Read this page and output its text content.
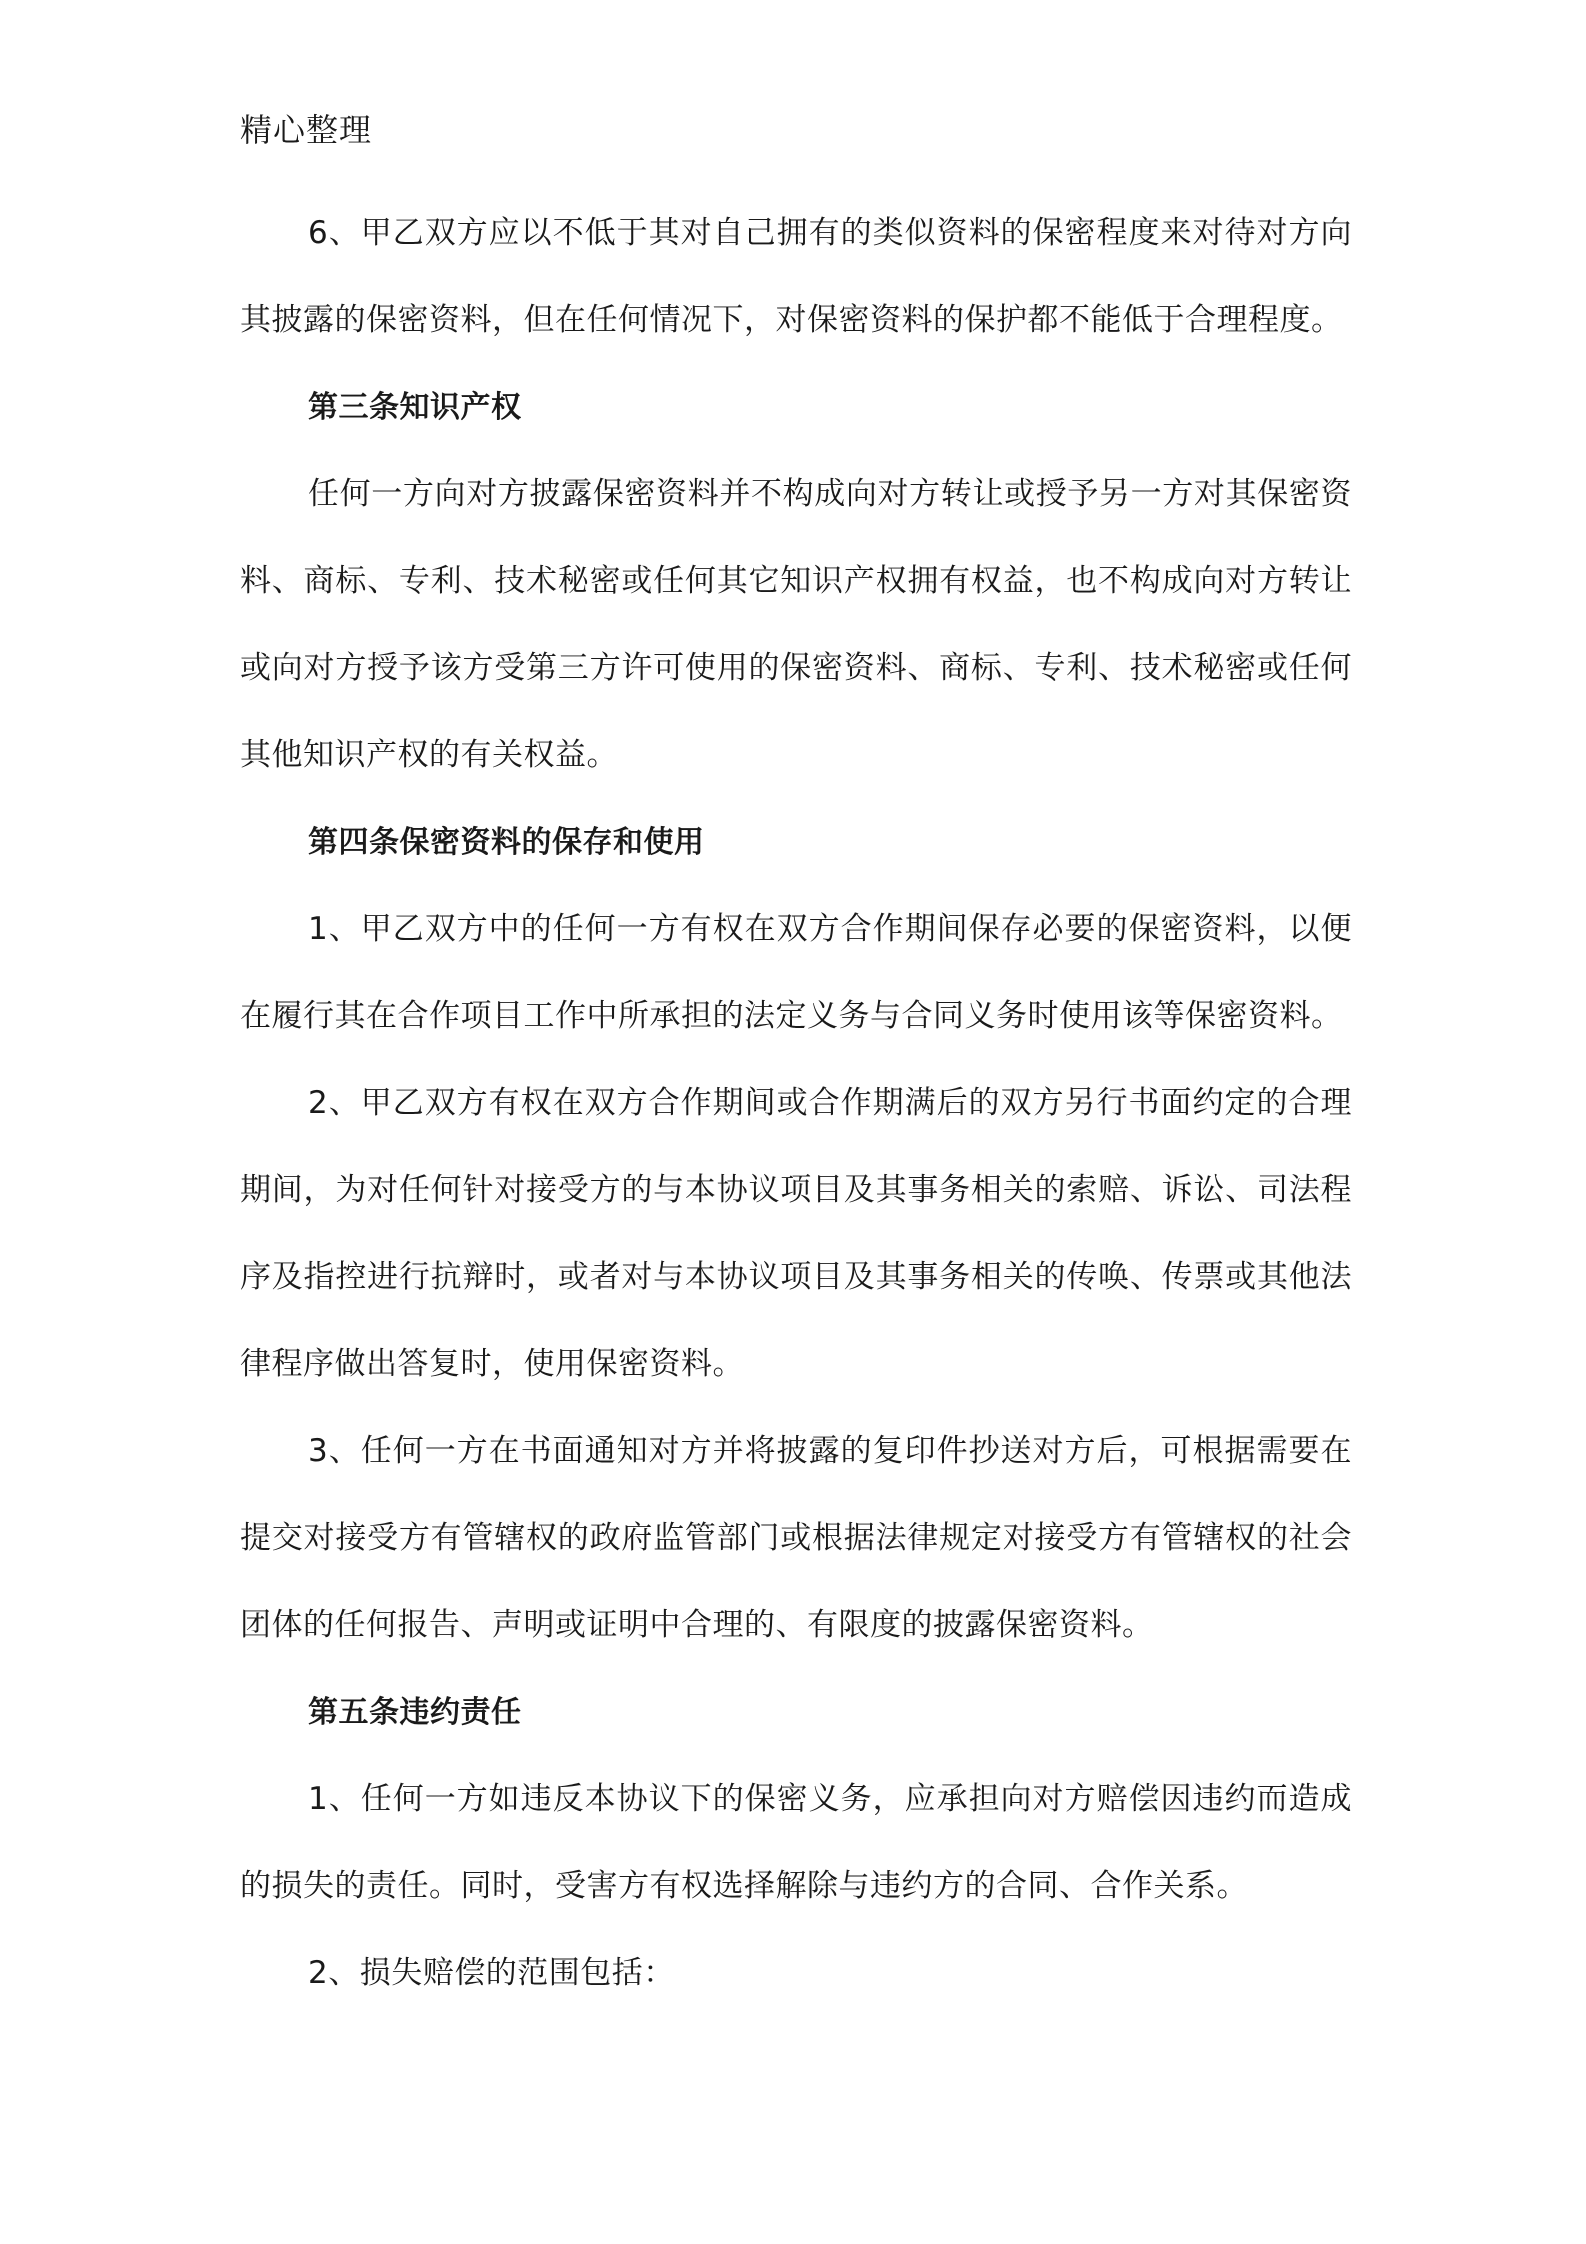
精心整理

6、甲乙双方应以不低于其对自己拥有的类似资料的保密程度来对待对方向其披露的保密资料，但在任何情况下，对保密资料的保护都不能低于合理程度。

第三条知识产权

任何一方向对方披露保密资料并不构成向对方转让或授予另一方对其保密资料、商标、专利、技术秘密或任何其它知识产权拥有权益，也不构成向对方转让或向对方授予该方受第三方许可使用的保密资料、商标、专利、技术秘密或任何其他知识产权的有关权益。

第四条保密资料的保存和使用

1、甲乙双方中的任何一方有权在双方合作期间保存必要的保密资料，以便在履行其在合作项目工作中所承担的法定义务与合同义务时使用该等保密资料。

2、甲乙双方有权在双方合作期间或合作期满后的双方另行书面约定的合理期间，为对任何针对接受方的与本协议项目及其事务相关的索赔、诉讼、司法程序及指控进行抗辩时，或者对与本协议项目及其事务相关的传唤、传票或其他法律程序做出答复时，使用保密资料。

3、任何一方在书面通知对方并将披露的复印件抄送对方后，可根据需要在提交对接受方有管辖权的政府监管部门或根据法律规定对接受方有管辖权的社会团体的任何报告、声明或证明中合理的、有限度的披露保密资料。

第五条违约责任

1、任何一方如违反本协议下的保密义务，应承担向对方赔偿因违约而造成的损失的责任。同时，受害方有权选择解除与违约方的合同、合作关系。

2、损失赔偿的范围包括：
